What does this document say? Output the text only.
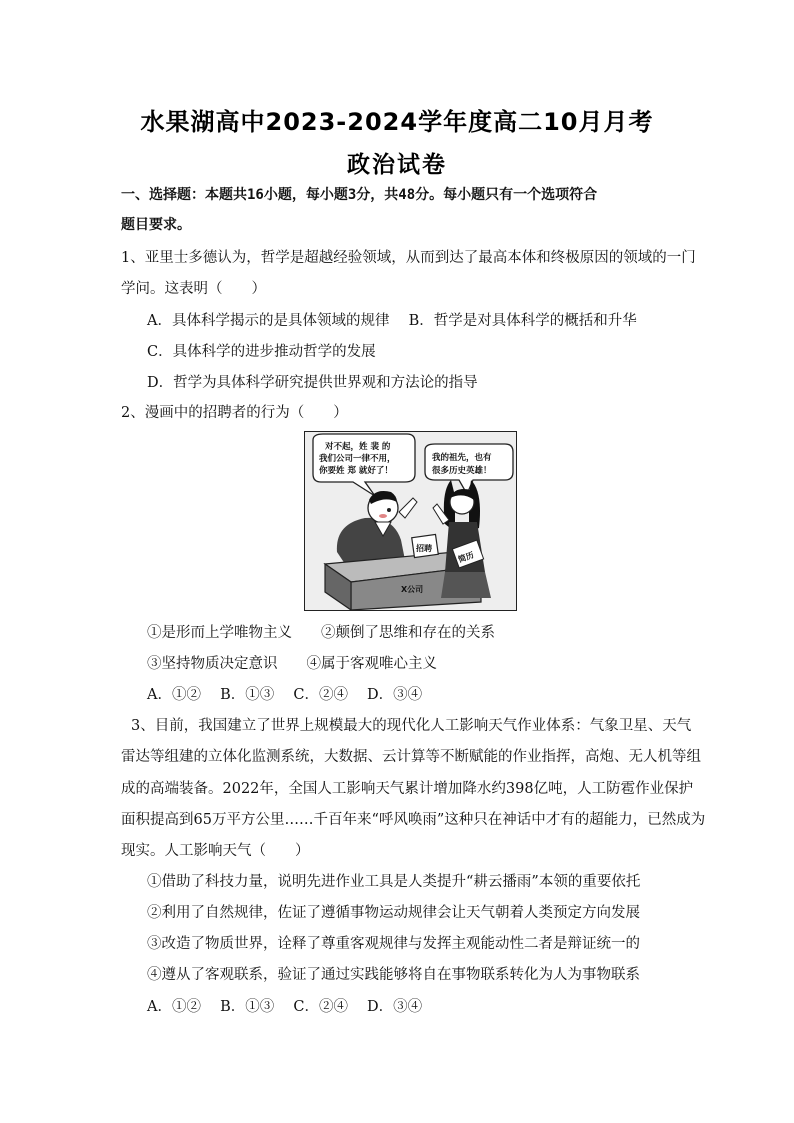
水果湖高中2023-2024学年度高二10月月考
政治试卷
一、选择题：本题共16小题，每小题3分，共48分。每小题只有一个选项符合
题目要求。
1、亚里士多德认为，哲学是超越经验领域，从而到达了最高本体和终极原因的领域的一门
学问。这表明（　　）
A．具体科学揭示的是具体领域的规律　 B．哲学是对具体科学的概括和升华
C．具体科学的进步推动哲学的发展
D．哲学为具体科学研究提供世界观和方法论的指导
2、漫画中的招聘者的行为（　　）
对不起，姓 裴 的
我们公司一律不用，
你要姓 郑 就好了！
我的祖先，也有
很多历史英雄！
X公司
招聘
简历
①是形而上学唯物主义　　②颠倒了思维和存在的关系
③坚持物质决定意识　　④属于客观唯心主义
A．①②　 B．①③　 C．②④　 D．③④
3、目前，我国建立了世界上规模最大的现代化人工影响天气作业体系：气象卫星、天气
雷达等组建的立体化监测系统，大数据、云计算等不断赋能的作业指挥，高炮、无人机等组
成的高端装备。2022年，全国人工影响天气累计增加降水约398亿吨，人工防雹作业保护
面积提高到65万平方公里……千百年来“呼风唤雨”这种只在神话中才有的超能力，已然成为
现实。人工影响天气（　　）
①借助了科技力量，说明先进作业工具是人类提升“耕云播雨”本领的重要依托
②利用了自然规律，佐证了遵循事物运动规律会让天气朝着人类预定方向发展
③改造了物质世界，诠释了尊重客观规律与发挥主观能动性二者是辩证统一的
④遵从了客观联系，验证了通过实践能够将自在事物联系转化为人为事物联系
A．①②　 B．①③　 C．②④　 D．③④
